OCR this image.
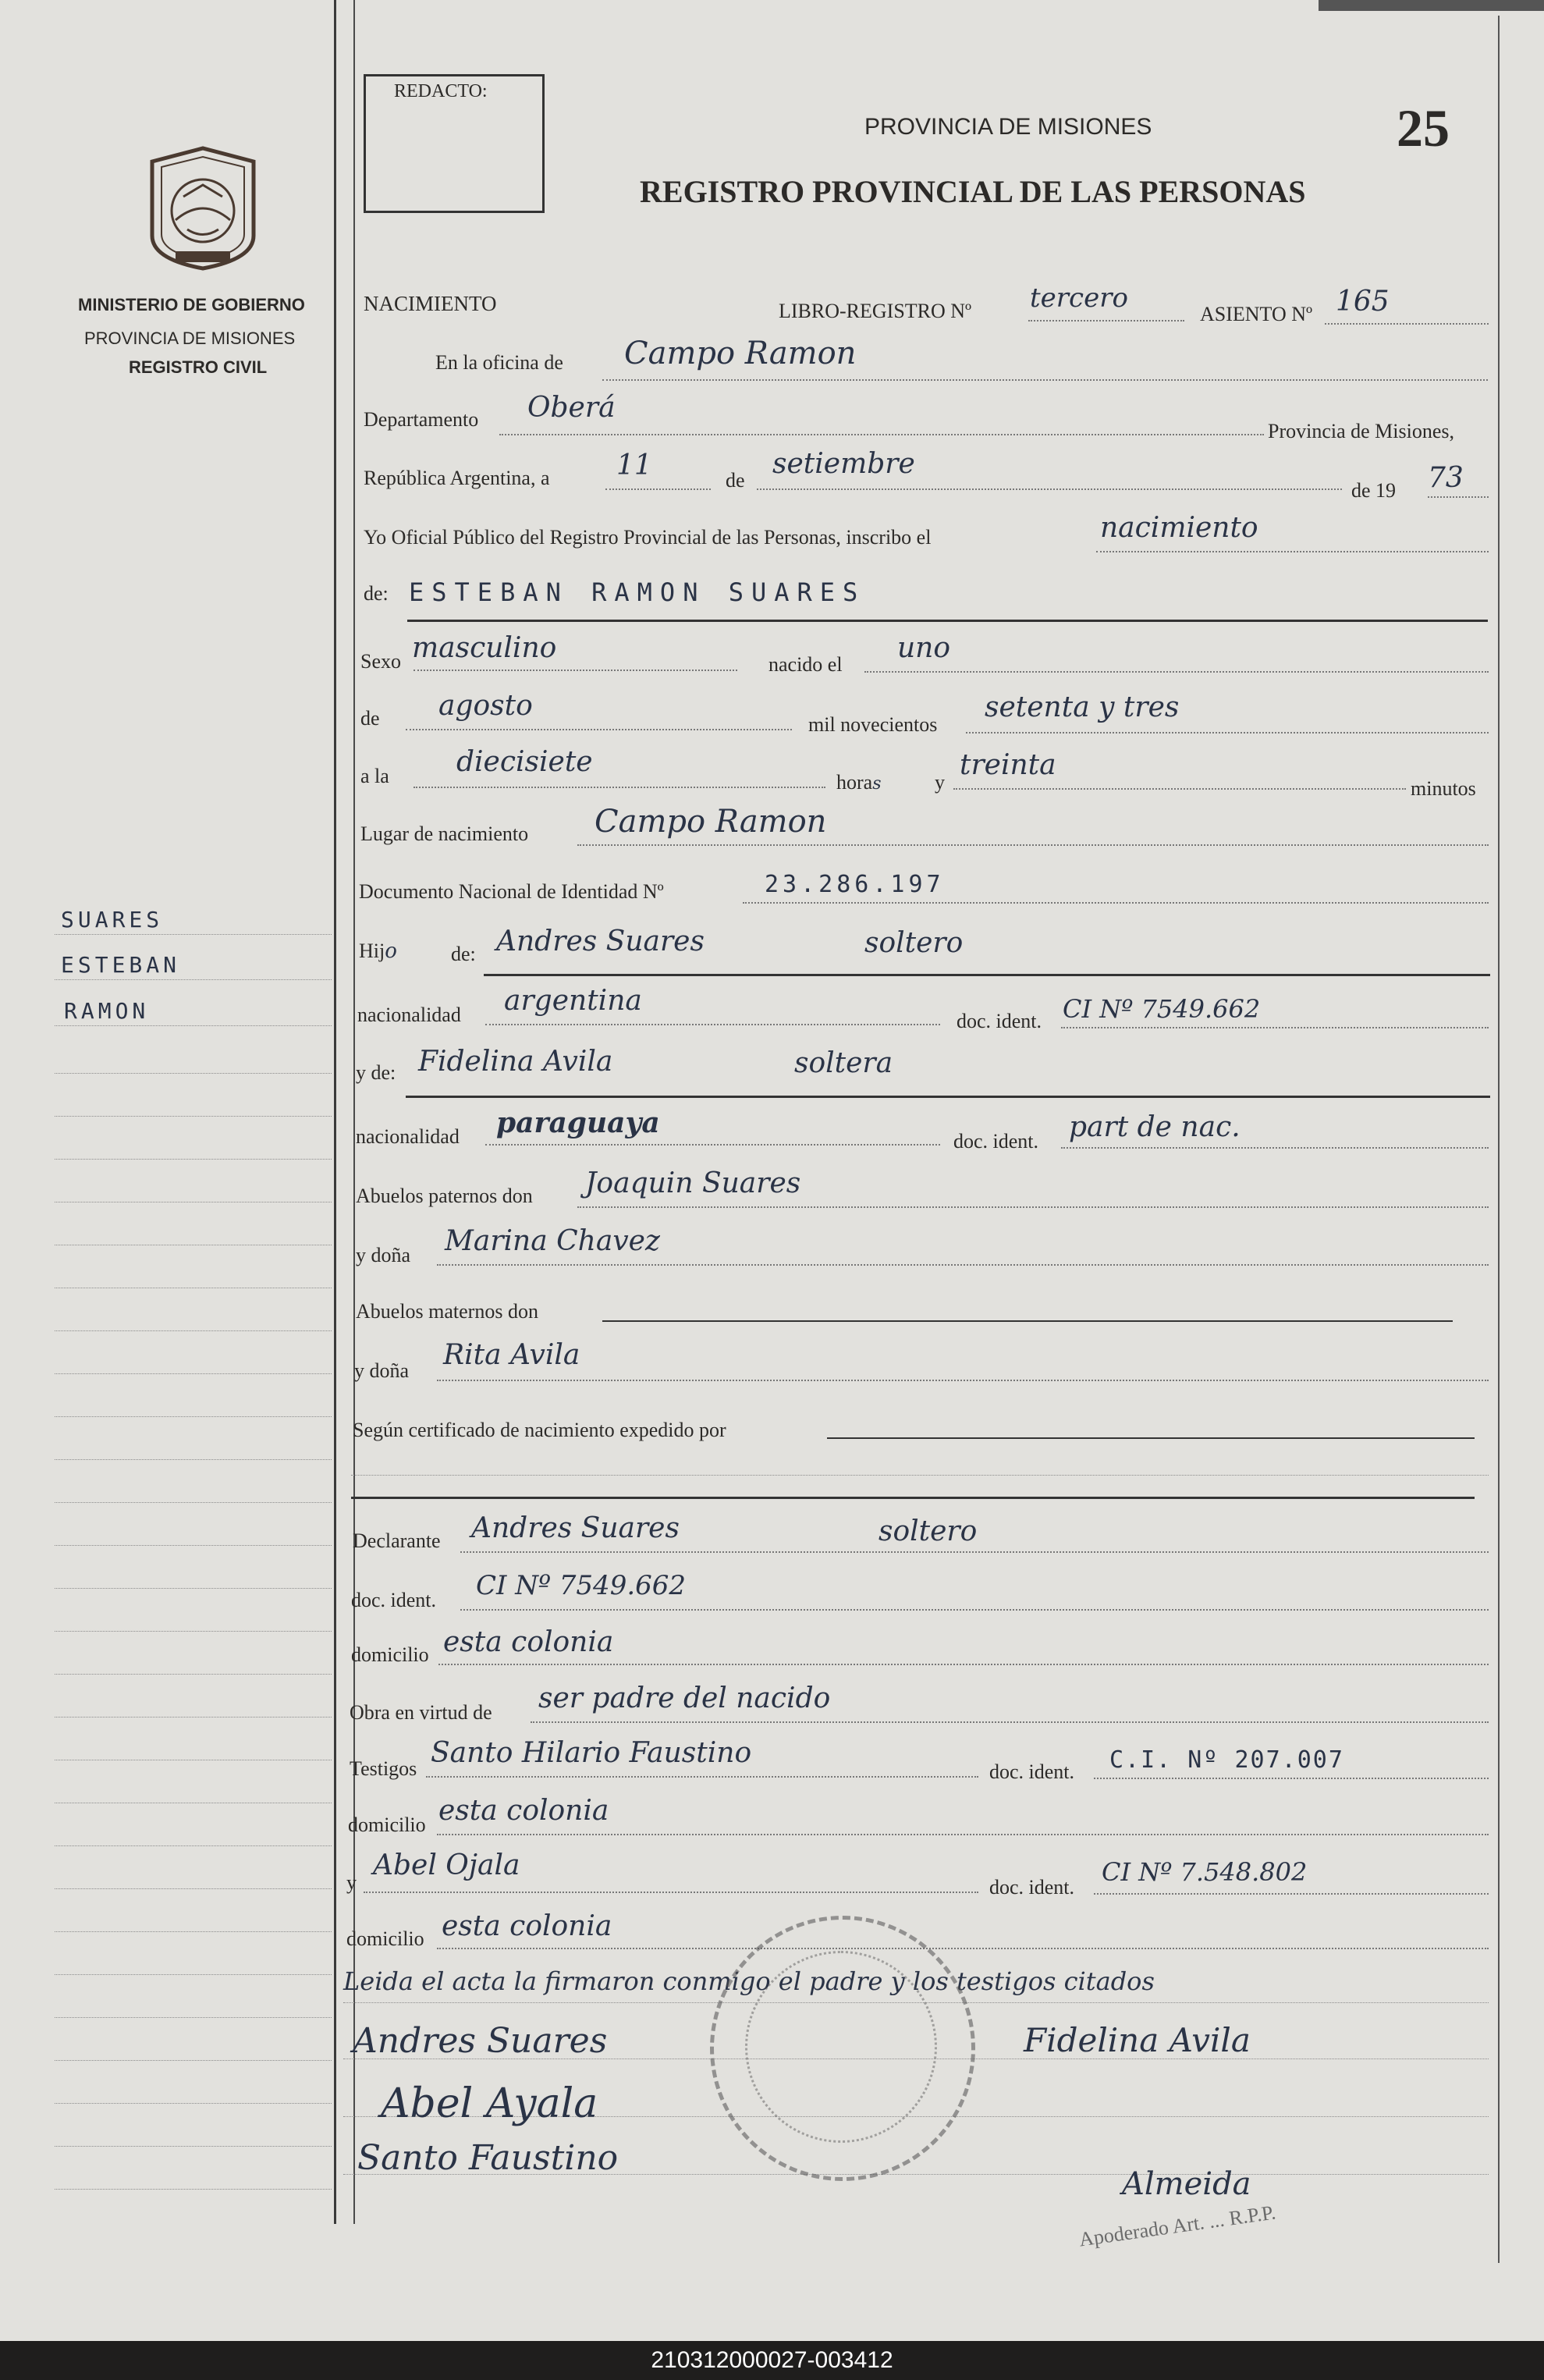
MINISTERIO DE GOBIERNO
PROVINCIA DE MISIONES
REGISTRO CIVIL
SUARES
ESTEBAN
RAMON
REDACTO:
PROVINCIA DE MISIONES	25
REGISTRO PROVINCIAL DE LAS PERSONAS
NACIMIENTO	LIBRO-REGISTRO Nº tercero
ASIENTO Nº 165
En la oficina de Campo Ramon
Departamento Oberá
Provincia de Misiones,
República Argentina, a 11	de
setiembre
de 19 73
Yo Oficial Público del Registro Provincial de las Personas, inscribo el	nacimiento
de: ESTEBAN RAMON SUARES
Sexo masculino
nacido el
uno
de agosto
mil novecientos
setenta y tres
a la diecisiete
horas	y
treinta
minutos
Lugar de nacimiento Campo Ramon
Documento Nacional de Identidad Nº	23.286.197
Hijo	de: Andres Suares	soltero
nacionalidad argentina
doc. ident. CI Nº 7549.662
y de: Fidelina Avila	soltera
nacionalidad paraguaya
doc. ident. part de nac.
Abuelos paternos don Joaquin Suares
y doña Marina Chavez
Abuelos maternos don
y doña Rita Avila
Según certificado de nacimiento expedido por
Declarante Andres Suares	soltero
doc. ident. CI Nº 7549.662
domicilio esta colonia
Obra en virtud de ser padre del nacido
Testigos Santo Hilario Faustino
doc. ident. C.I. Nº 207.007
domicilio esta colonia
y
Abel Ojala
doc. ident.
CI Nº 7.548.802
domicilio esta colonia
Leida el acta la firmaron conmigo el padre y los testigos citados
Andres Suares
Abel Ayala
Santo Faustino
Fidelina Avila
Almeida
Apoderado Art. ... R.P.P.
210312000027-003412
